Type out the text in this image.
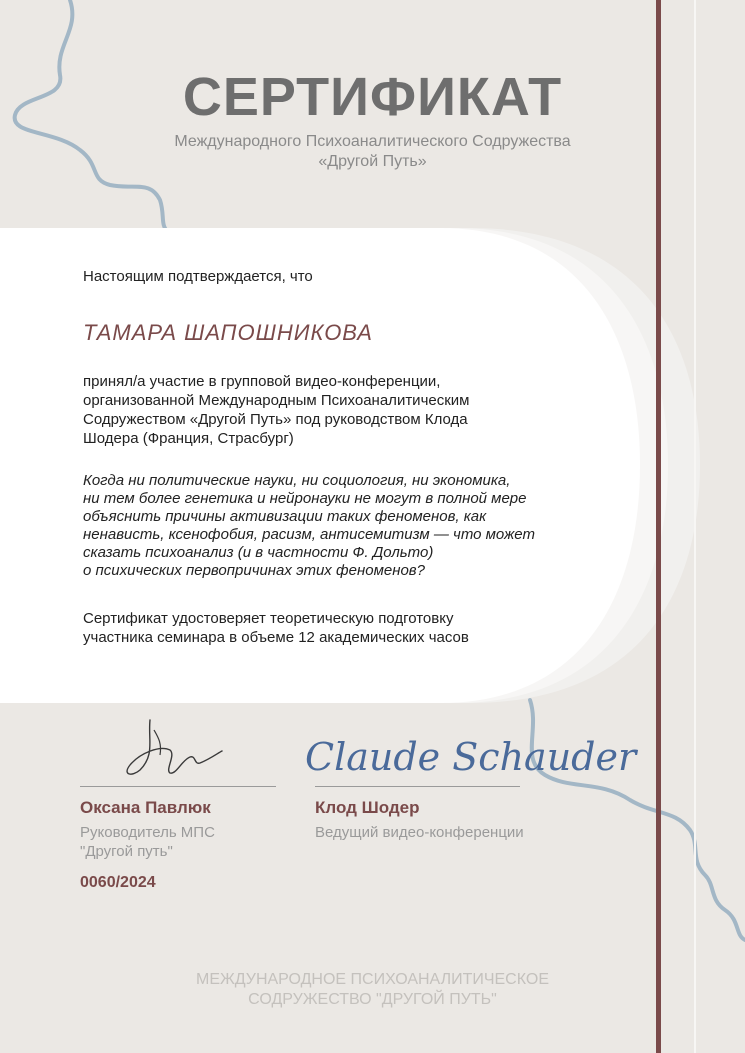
СЕРТИФИКАТ
Международного Психоаналитического Содружества
«Другой Путь»
Настоящим подтверждается, что
ТАМАРА ШАПОШНИКОВА
принял/а участие в групповой видео-конференции,
организованной Международным Психоаналитическим
Содружеством «Другой Путь» под руководством Клода
Шодера (Франция, Страсбург)
Когда ни политические науки, ни социология, ни экономика,
ни тем более генетика и нейронауки не могут в полной мере
объяснить причины активизации таких феноменов, как
ненависть, ксенофобия, расизм, антисемитизм — что может
сказать психоанализ (и в частности Ф. Дольто)
о психических первопричинах этих феноменов?
Сертификат удостоверяет теоретическую подготовку
участника семинара в объеме 12 академических часов
Claude Schauder
Оксана Павлюк
Руководитель МПС
"Другой путь"
Клод Шодер
Ведущий видео-конференции
0060/2024
МЕЖДУНАРОДНОЕ ПСИХОАНАЛИТИЧЕСКОЕ
СОДРУЖЕСТВО "ДРУГОЙ ПУТЬ"
